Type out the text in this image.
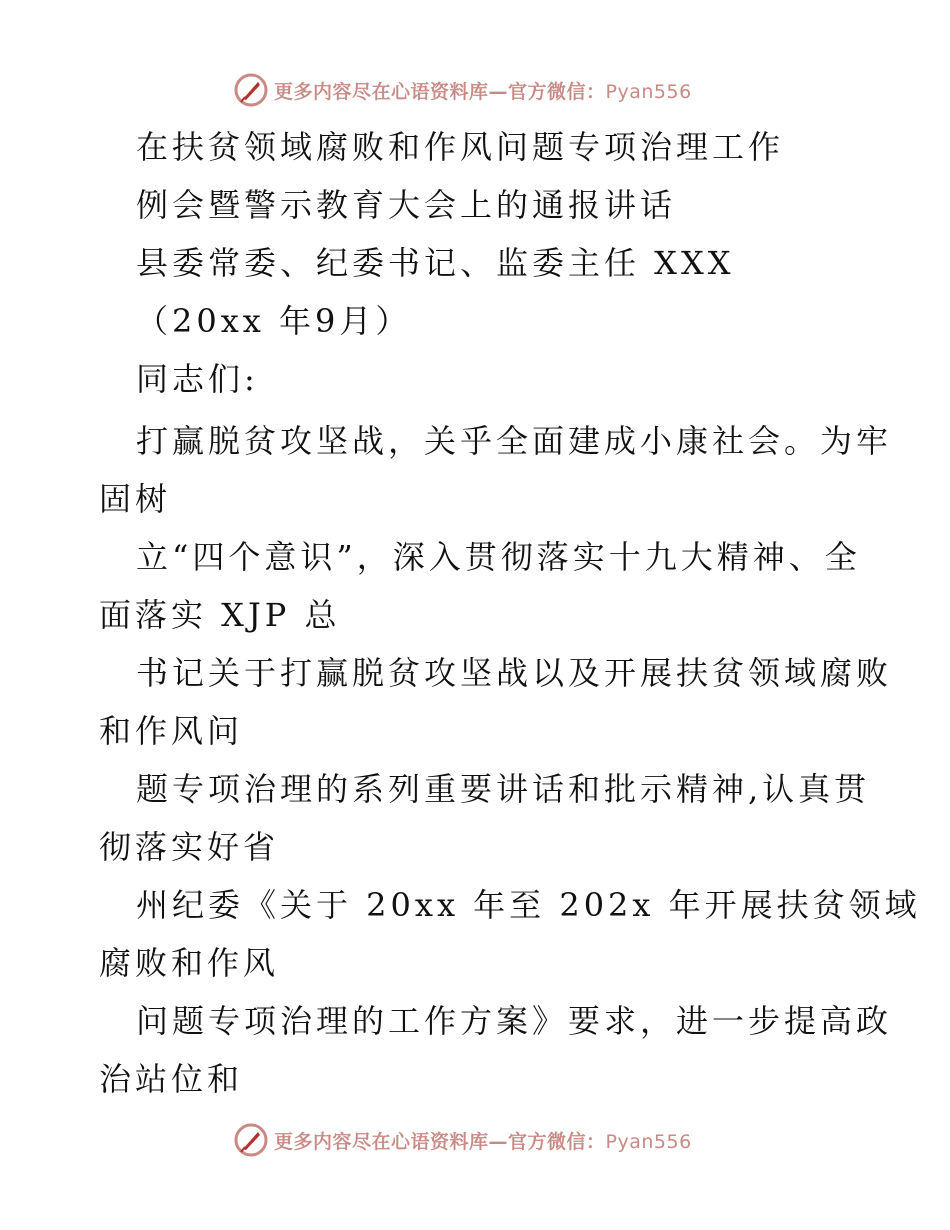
更多内容尽在心语资料库—官方微信：Pyan556
在扶贫领域腐败和作风问题专项治理工作
例会暨警示教育大会上的通报讲话
县委常委、纪委书记、监委主任 XXX
（20xx 年9月）
同志们:
打赢脱贫攻坚战，关乎全面建成小康社会。为牢
固树
立“四个意识”，深入贯彻落实十九大精神、全
面落实 XJP 总
书记关于打赢脱贫攻坚战以及开展扶贫领域腐败
和作风问
题专项治理的系列重要讲话和批示精神,认真贯
彻落实好省
州纪委《关于 20xx 年至 202x 年开展扶贫领域
腐败和作风
问题专项治理的工作方案》要求，进一步提高政
治站位和
更多内容尽在心语资料库—官方微信：Pyan556
